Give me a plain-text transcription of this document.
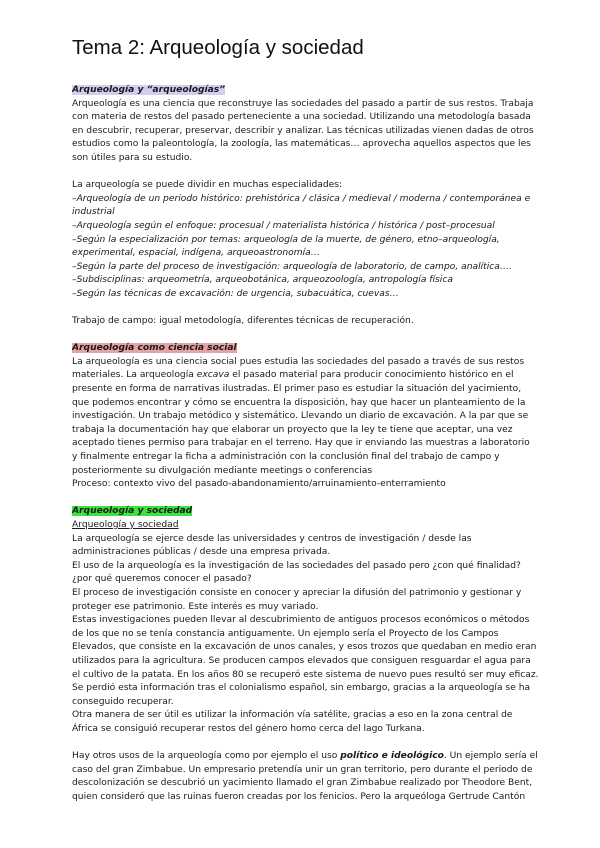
Tema 2: Arqueología y sociedad
Arqueología y “arqueologías”
Arqueología es una ciencia que reconstruye las sociedades del pasado a partir de sus restos. Trabaja
con materia de restos del pasado perteneciente a una sociedad. Utilizando una metodología basada
en descubrir, recuperar, preservar, describir y analizar. Las técnicas utilizadas vienen dadas de otros
estudios como la paleontología, la zoología, las matemáticas… aprovecha aquellos aspectos que les
son útiles para su estudio.
La arqueología se puede dividir en muchas especialidades:
–Arqueología de un periodo histórico: prehistórica / clásica / medieval / moderna / contemporánea e
industrial
–Arqueología según el enfoque: procesual / materialista histórica / histórica / post–procesual
–Según la especialización por temas: arqueología de la muerte, de género, etno–arqueología,
experimental, espacial, indígena, arqueoastronomía…
–Según la parte del proceso de investigación: arqueología de laboratorio, de campo, analítica….
–Subdisciplinas: arqueometría, arqueobotánica, arqueozoología, antropología física
–Según las técnicas de excavación: de urgencia, subacuática, cuevas…
Trabajo de campo: igual metodología, diferentes técnicas de recuperación.
Arqueología como ciencia social
La arqueología es una ciencia social pues estudia las sociedades del pasado a través de sus restos
materiales. La arqueología excava el pasado material para producir conocimiento histórico en el
presente en forma de narrativas ilustradas. El primer paso es estudiar la situación del yacimiento,
que podemos encontrar y cómo se encuentra la disposición, hay que hacer un planteamiento de la
investigación. Un trabajo metódico y sistemático. Llevando un diario de excavación. A la par que se
trabaja la documentación hay que elaborar un proyecto que la ley te tiene que aceptar, una vez
aceptado tienes permiso para trabajar en el terreno. Hay que ir enviando las muestras a laboratorio
y finalmente entregar la ficha a administración con la conclusión final del trabajo de campo y
posteriormente su divulgación mediante meetings o conferencias
Proceso: contexto vivo del pasado-abandonamiento/arruinamiento-enterramiento
Arqueología y sociedad
Arqueología y sociedad
La arqueología se ejerce desde las universidades y centros de investigación / desde las
administraciones públicas / desde una empresa privada.
El uso de la arqueología es la investigación de las sociedades del pasado pero ¿con qué finalidad?
¿por qué queremos conocer el pasado?
El proceso de investigación consiste en conocer y apreciar la difusión del patrimonio y gestionar y
proteger ese patrimonio. Este interés es muy variado.
Estas investigaciones pueden llevar al descubrimiento de antiguos procesos económicos o métodos
de los que no se tenía constancia antiguamente. Un ejemplo sería el Proyecto de los Campos
Elevados, que consiste en la excavación de unos canales, y esos trozos que quedaban en medio eran
utilizados para la agricultura. Se producen campos elevados que consiguen resguardar el agua para
el cultivo de la patata. En los años 80 se recuperó este sistema de nuevo pues resultó ser muy eficaz.
Se perdió esta información tras el colonialismo español, sin embargo, gracias a la arqueología se ha
conseguido recuperar.
Otra manera de ser útil es utilizar la información vía satélite, gracias a eso en la zona central de
África se consiguió recuperar restos del género homo cerca del lago Turkana.
Hay otros usos de la arqueología como por ejemplo el uso político e ideológico. Un ejemplo sería el
caso del gran Zimbabue. Un empresario pretendía unir un gran territorio, pero durante el periodo de
descolonización se descubrió un yacimiento llamado el gran Zimbabue realizado por Theodore Bent,
quien consideró que las ruinas fueron creadas por los fenicios. Pero la arqueóloga Gertrude Cantón
